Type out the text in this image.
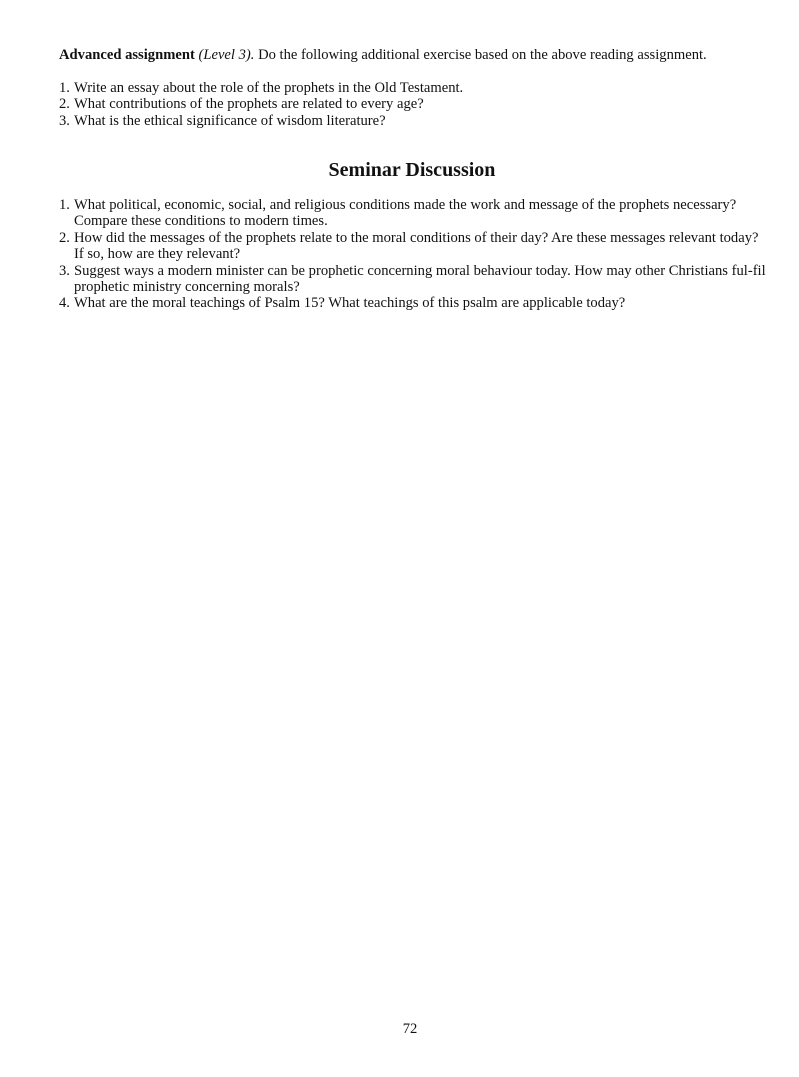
Advanced assignment (Level 3). Do the following additional exercise based on the above reading assignment.

1. Write an essay about the role of the prophets in the Old Testament.
2. What contributions of the prophets are related to every age?
3. What is the ethical significance of wisdom literature?
Seminar Discussion
1. What political, economic, social, and religious conditions made the work and message of the prophets necessary? Compare these conditions to modern times.
2. How did the messages of the prophets relate to the moral conditions of their day? Are these messages relevant today? If so, how are they relevant?
3. Suggest ways a modern minister can be prophetic concerning moral behaviour today. How may other Christians ful-fil prophetic ministry concerning morals?
4. What are the moral teachings of Psalm 15? What teachings of this psalm are applicable today?
72
